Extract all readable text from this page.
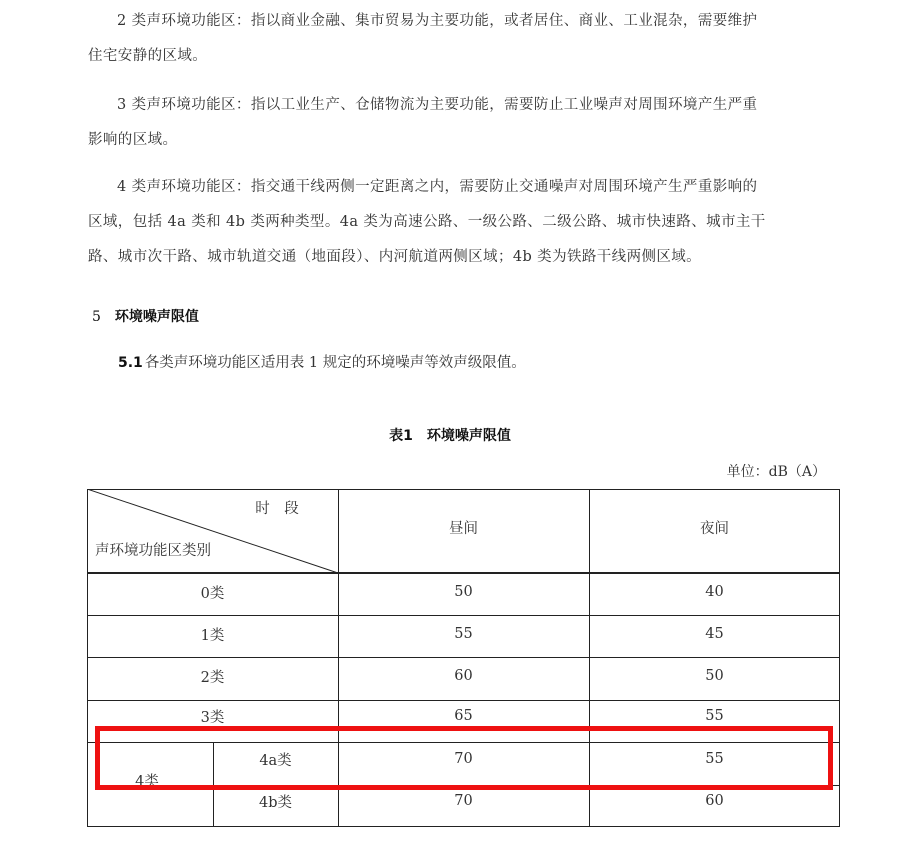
2 类声环境功能区：指以商业金融、集市贸易为主要功能，或者居住、商业、工业混杂，需要维护
住宅安静的区域。
3 类声环境功能区：指以工业生产、仓储物流为主要功能，需要防止工业噪声对周围环境产生严重
影响的区域。
4 类声环境功能区：指交通干线两侧一定距离之内，需要防止交通噪声对周围环境产生严重影响的
区域，包括 4a 类和 4b 类两种类型。4a 类为高速公路、一级公路、二级公路、城市快速路、城市主干
路、城市次干路、城市轨道交通（地面段）、内河航道两侧区域；4b 类为铁路干线两侧区域。
5 环境噪声限值
5.1 各类声环境功能区适用表 1 规定的环境噪声等效声级限值。
表1 环境噪声限值
单位：dB（A）
时　段
声环境功能区类别
昼间	夜间
0类	50	40
1类	55	45
2类	60	50
3类	65	55
4类
4a类	70	55
4b类	70	60
